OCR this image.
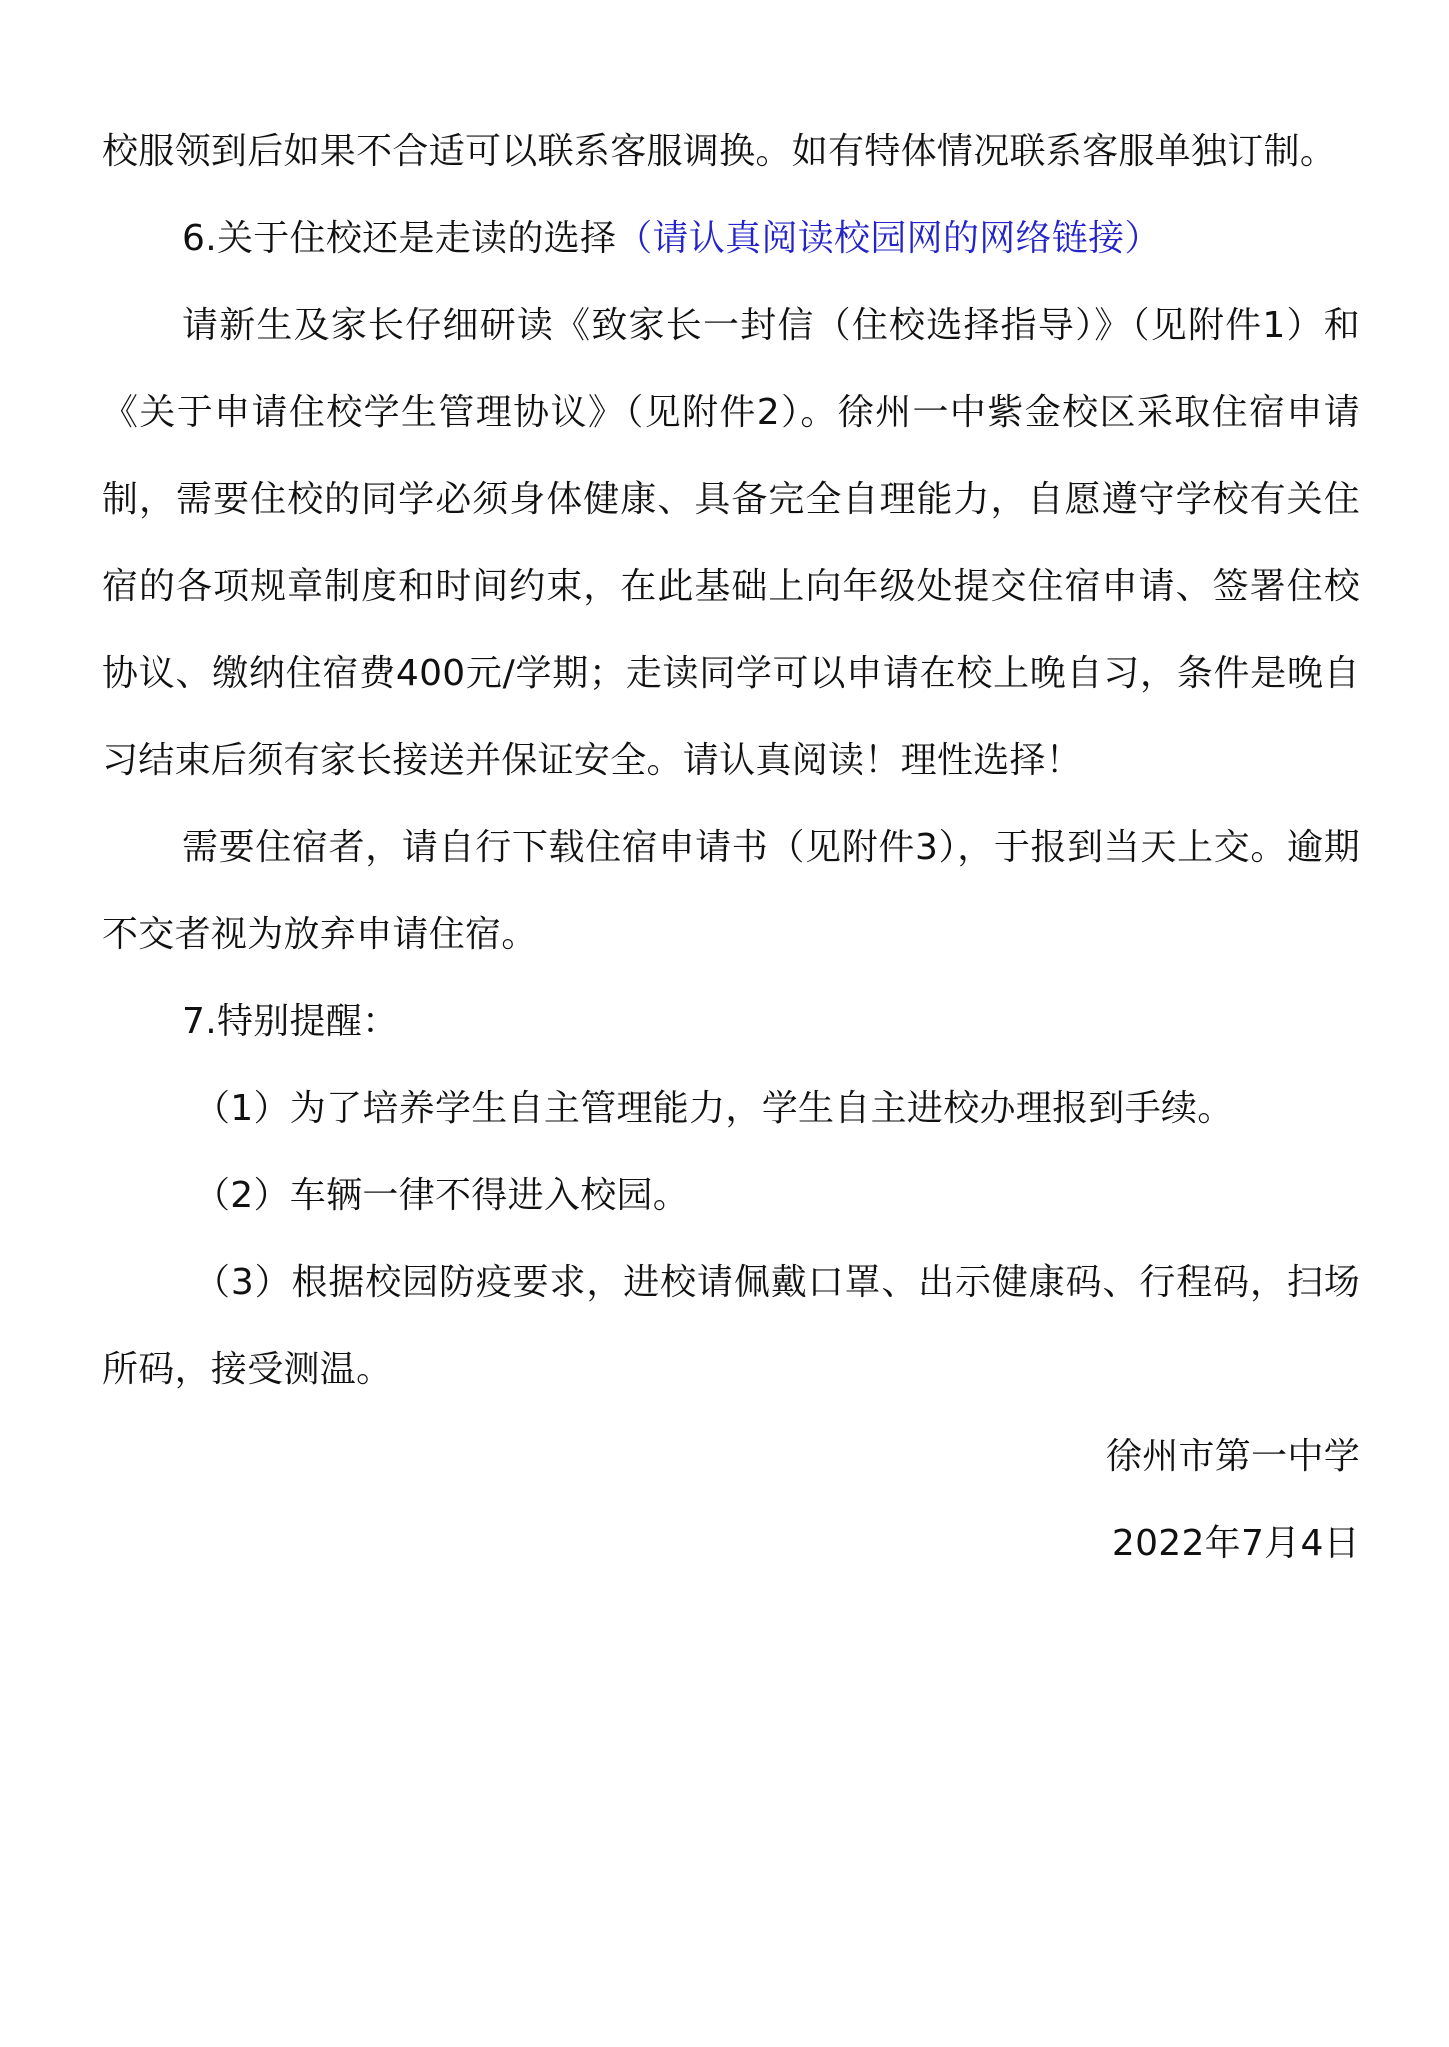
校服领到后如果不合适可以联系客服调换。如有特体情况联系客服单独订制。

6.关于住校还是走读的选择（请认真阅读校园网的网络链接）

请新生及家长仔细研读《致家长一封信（住校选择指导）》（见附件1）和《关于申请住校学生管理协议》（见附件2）。徐州一中紫金校区采取住宿申请制，需要住校的同学必须身体健康、具备完全自理能力，自愿遵守学校有关住宿的各项规章制度和时间约束，在此基础上向年级处提交住宿申请、签署住校协议、缴纳住宿费400元/学期；走读同学可以申请在校上晚自习，条件是晚自习结束后须有家长接送并保证安全。请认真阅读！理性选择！

需要住宿者，请自行下载住宿申请书（见附件3），于报到当天上交。逾期不交者视为放弃申请住宿。

7.特别提醒：

（1）为了培养学生自主管理能力，学生自主进校办理报到手续。

（2）车辆一律不得进入校园。

（3）根据校园防疫要求，进校请佩戴口罩、出示健康码、行程码，扫场所码，接受测温。

徐州市第一中学

2022年7月4日
